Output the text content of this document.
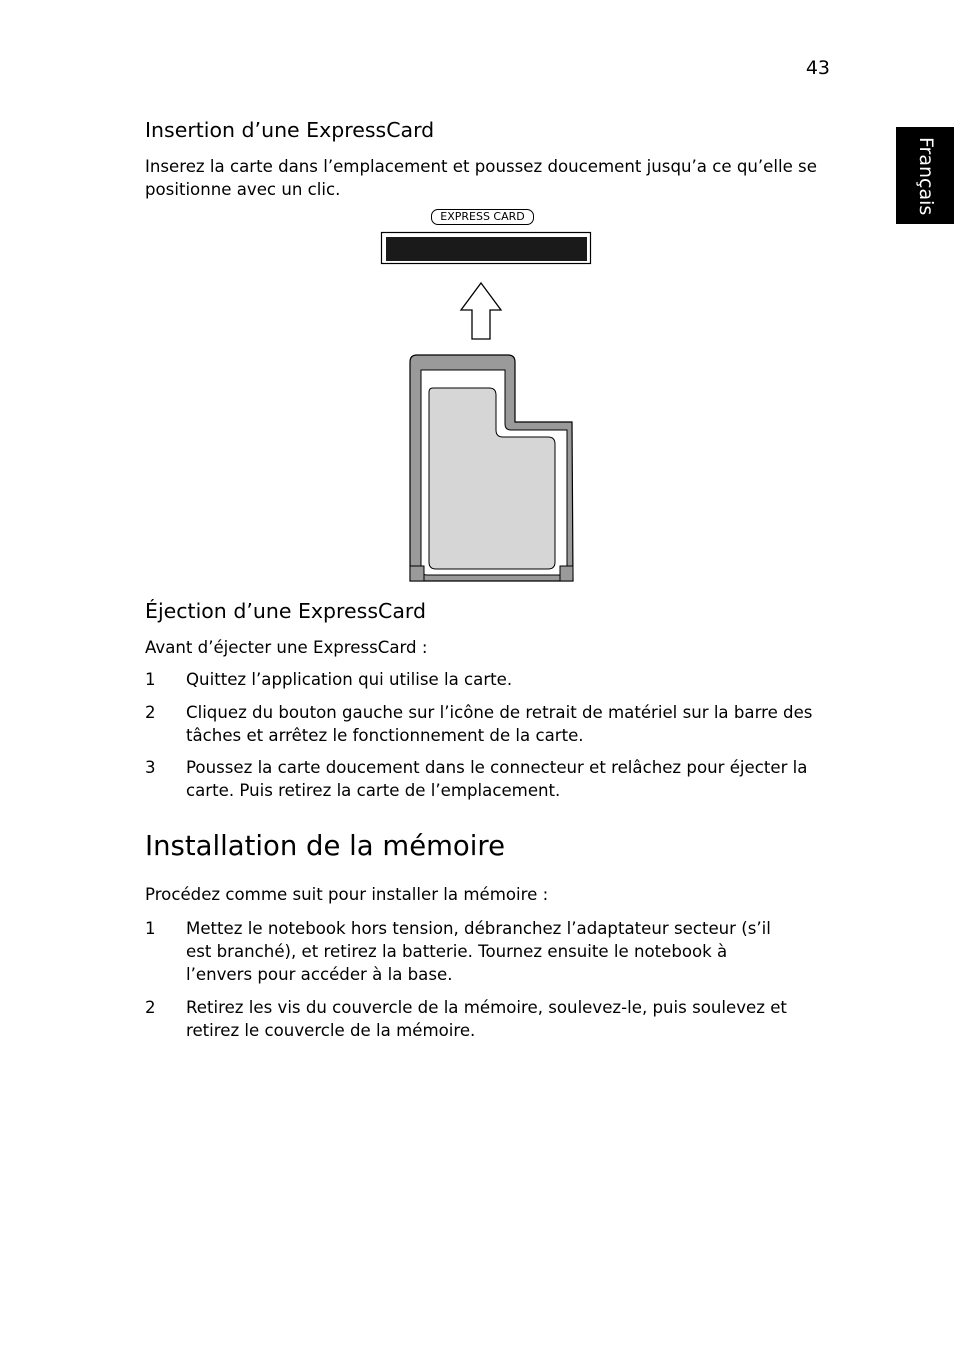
43
Français
Insertion d’une ExpressCard
Inserez la carte dans l’emplacement et poussez doucement jusqu’a ce qu’elle se positionne avec un clic.
EXPRESS CARD
Éjection d’une ExpressCard
Avant d’éjecter une ExpressCard :
1 Quittez l’application qui utilise la carte.
2 Cliquez du bouton gauche sur l’icône de retrait de matériel sur la barre des tâches et arrêtez le fonctionnement de la carte.
3 Poussez la carte doucement dans le connecteur et relâchez pour éjecter la carte. Puis retirez la carte de l’emplacement.
Installation de la mémoire
Procédez comme suit pour installer la mémoire :
1 Mettez le notebook hors tension, débranchez l’adaptateur secteur (s’il est branché), et retirez la batterie. Tournez ensuite le notebook à l’envers pour accéder à la base.
2 Retirez les vis du couvercle de la mémoire, soulevez-le, puis soulevez et retirez le couvercle de la mémoire.
